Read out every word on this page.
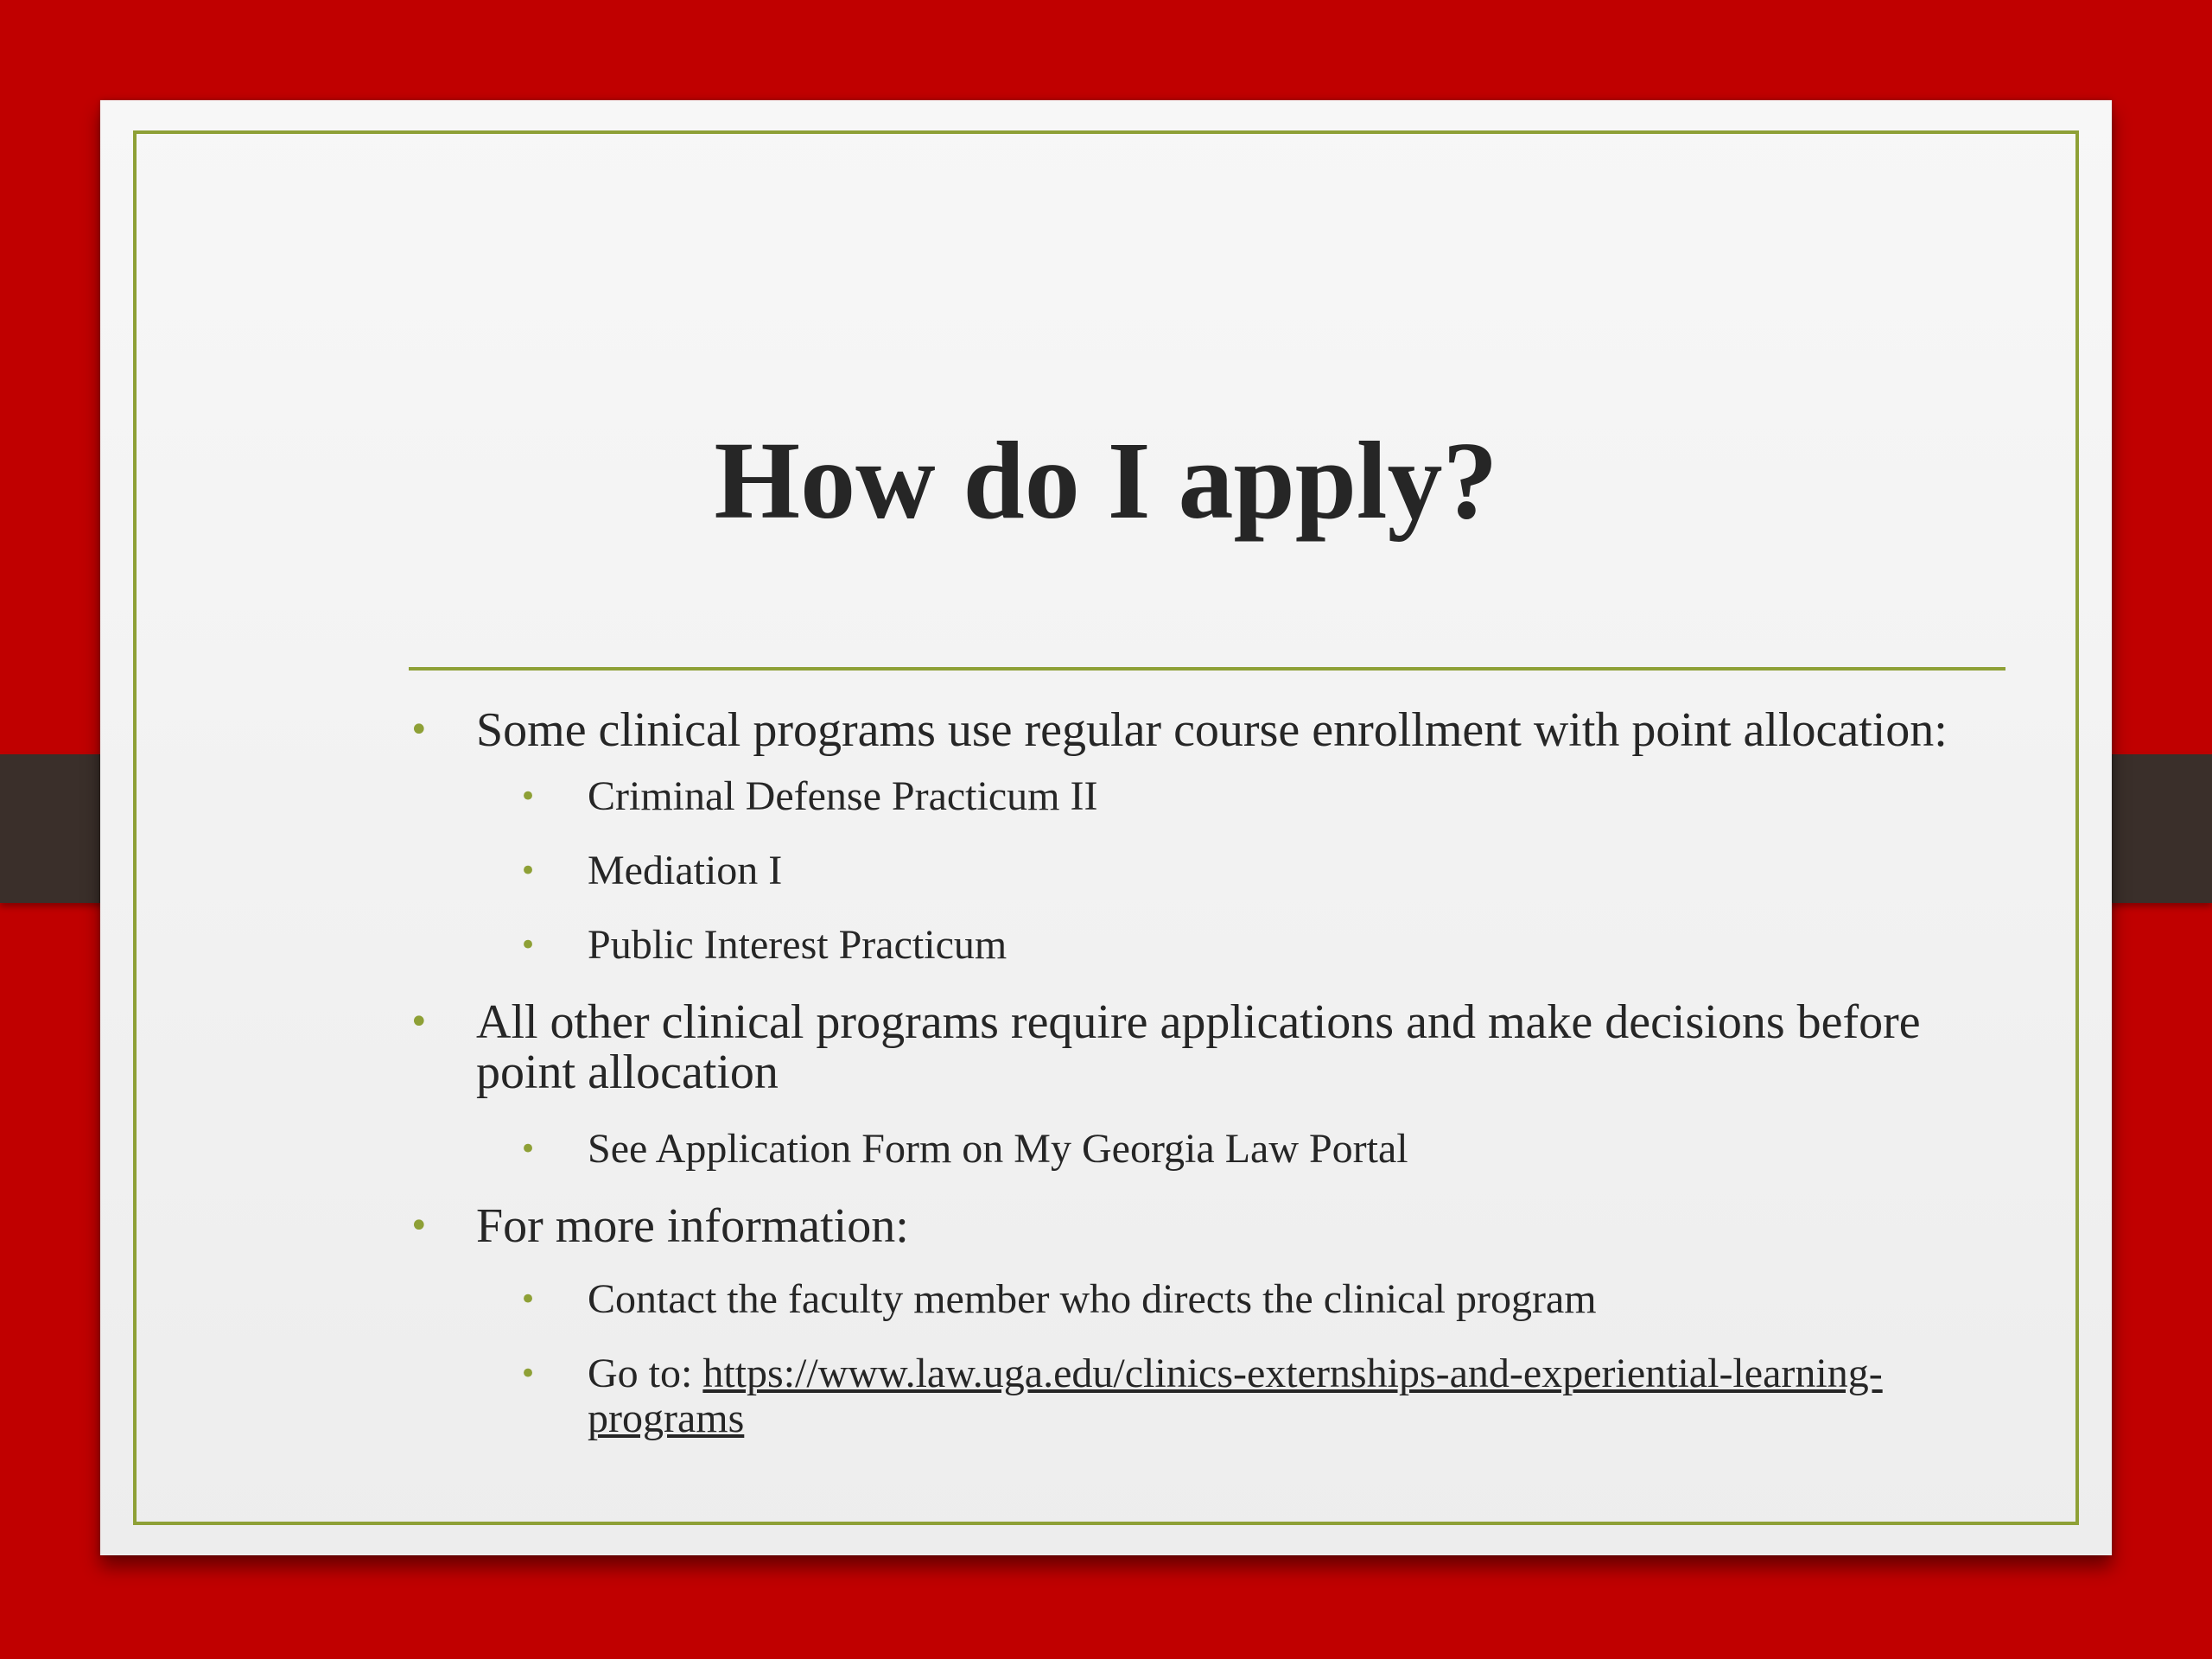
How do I apply?
• Some clinical programs use regular course enrollment with point allocation:
• Criminal Defense Practicum II
• Mediation I
• Public Interest Practicum
• All other clinical programs require applications and make decisions before point allocation
• See Application Form on My Georgia Law Portal
• For more information:
• Contact the faculty member who directs the clinical program
• Go to: https://www.law.uga.edu/clinics-externships-and-experiential-learning-programs
